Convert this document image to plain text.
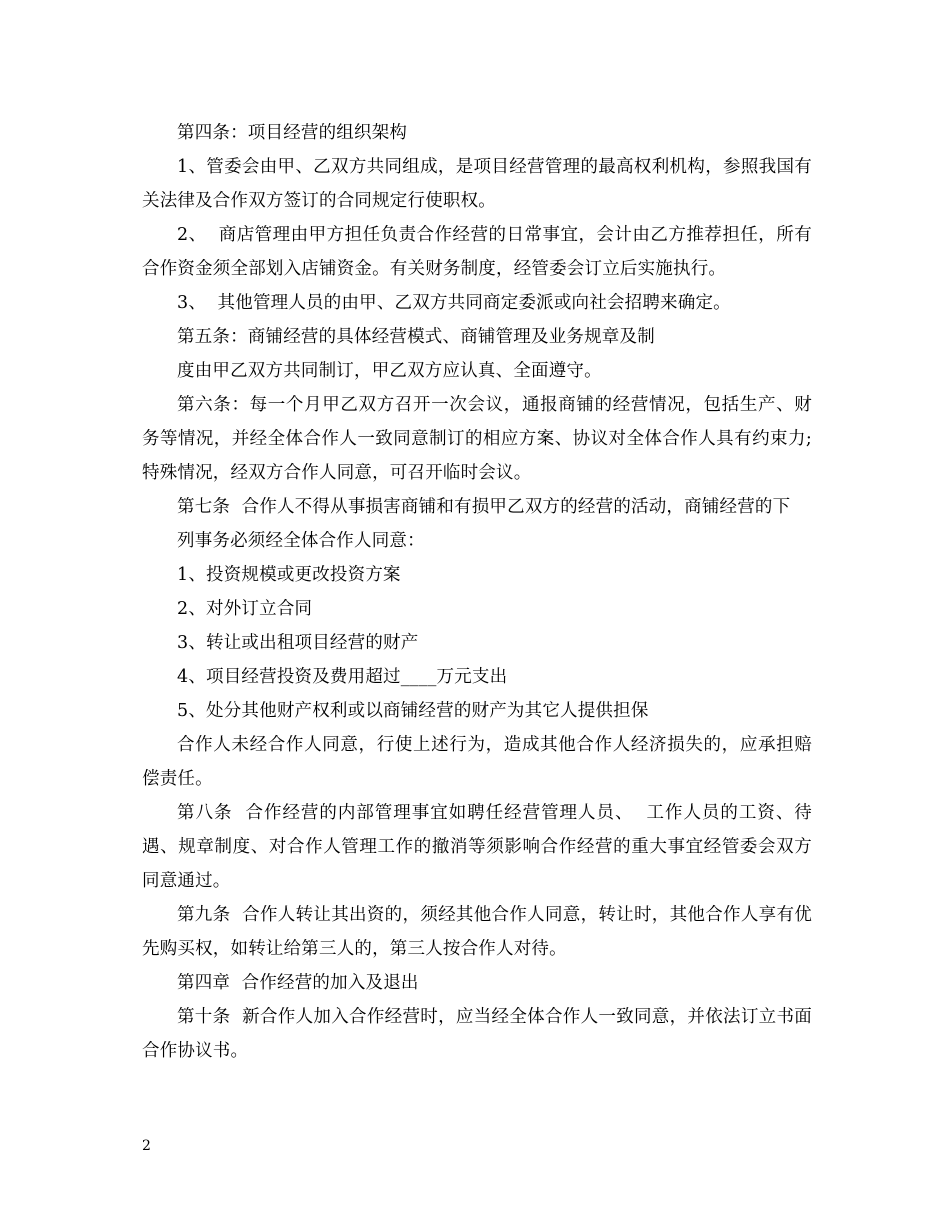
第四条：项目经营的组织架构

1、管委会由甲、乙双方共同组成，是项目经营管理的最高权利机构，参照我国有关法律及合作双方签订的合同规定行使职权。

2、  商店管理由甲方担任负责合作经营的日常事宜，会计由乙方推荐担任，所有合作资金须全部划入店铺资金。有关财务制度，经管委会订立后实施执行。

3、  其他管理人员的由甲、乙双方共同商定委派或向社会招聘来确定。

第五条：商铺经营的具体经营模式、商铺管理及业务规章及制

度由甲乙双方共同制订，甲乙双方应认真、全面遵守。

第六条：每一个月甲乙双方召开一次会议，通报商铺的经营情况，包括生产、财务等情况，并经全体合作人一致同意制订的相应方案、协议对全体合作人具有约束力;特殊情况，经双方合作人同意，可召开临时会议。

第七条  合作人不得从事损害商铺和有损甲乙双方的经营的活动，商铺经营的下

列事务必须经全体合作人同意：

1、投资规模或更改投资方案

2、对外订立合同

3、转让或出租项目经营的财产

4、项目经营投资及费用超过____万元支出

5、处分其他财产权利或以商铺经营的财产为其它人提供担保

合作人未经合作人同意，行使上述行为，造成其他合作人经济损失的，应承担赔偿责任。

第八条  合作经营的内部管理事宜如聘任经营管理人员、  工作人员的工资、待遇、规章制度、对合作人管理工作的撤消等须影响合作经营的重大事宜经管委会双方同意通过。

第九条  合作人转让其出资的，须经其他合作人同意，转让时，其他合作人享有优先购买权，如转让给第三人的，第三人按合作人对待。

第四章  合作经营的加入及退出

第十条  新合作人加入合作经营时，应当经全体合作人一致同意，并依法订立书面合作协议书。

2
